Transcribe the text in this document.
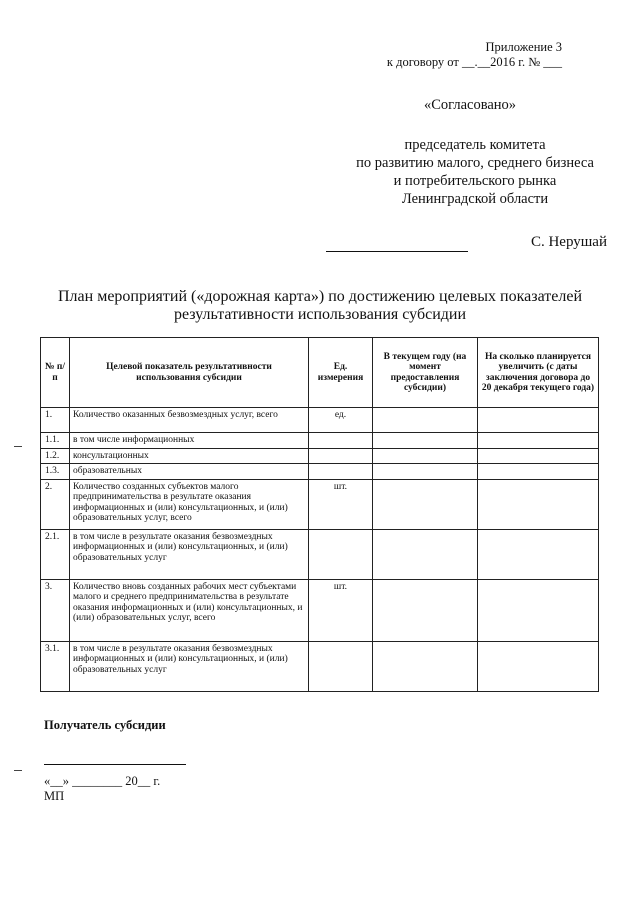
Приложение 3
к договору от __.__2016 г. № ___
«Согласовано»
председатель комитета
по развитию малого, среднего бизнеса
и потребительского рынка
Ленинградской области
С. Нерушай
План мероприятий («дорожная карта») по достижению целевых показателей результативности использования субсидии
№ п/п	Целевой показатель результативности использования субсидии	Ед. измерения	В текущем году (на момент предоставления субсидии)	На сколько планируется увеличить (с даты заключения договора до 20 декабря текущего года)
1.	Количество оказанных безвозмездных услуг, всего	ед.		
1.1.	в том числе информационных			
1.2.	консультационных			
1.3.	образовательных			
2.	Количество созданных субъектов малого предпринимательства в результате оказания информационных и (или) консультационных, и (или) образовательных услуг, всего	шт.		
2.1.	в том числе в результате оказания безвозмездных информационных и (или) консультационных, и (или) образовательных услуг			
3.	Количество вновь созданных рабочих мест субъектами малого и среднего предпринимательства в результате оказания информационных и (или) консультационных, и (или) образовательных услуг, всего	шт.		
3.1.	в том числе в результате оказания безвозмездных информационных и (или) консультационных, и (или) образовательных услуг			
Получатель субсидии
«__» ________ 20__ г.
МП
